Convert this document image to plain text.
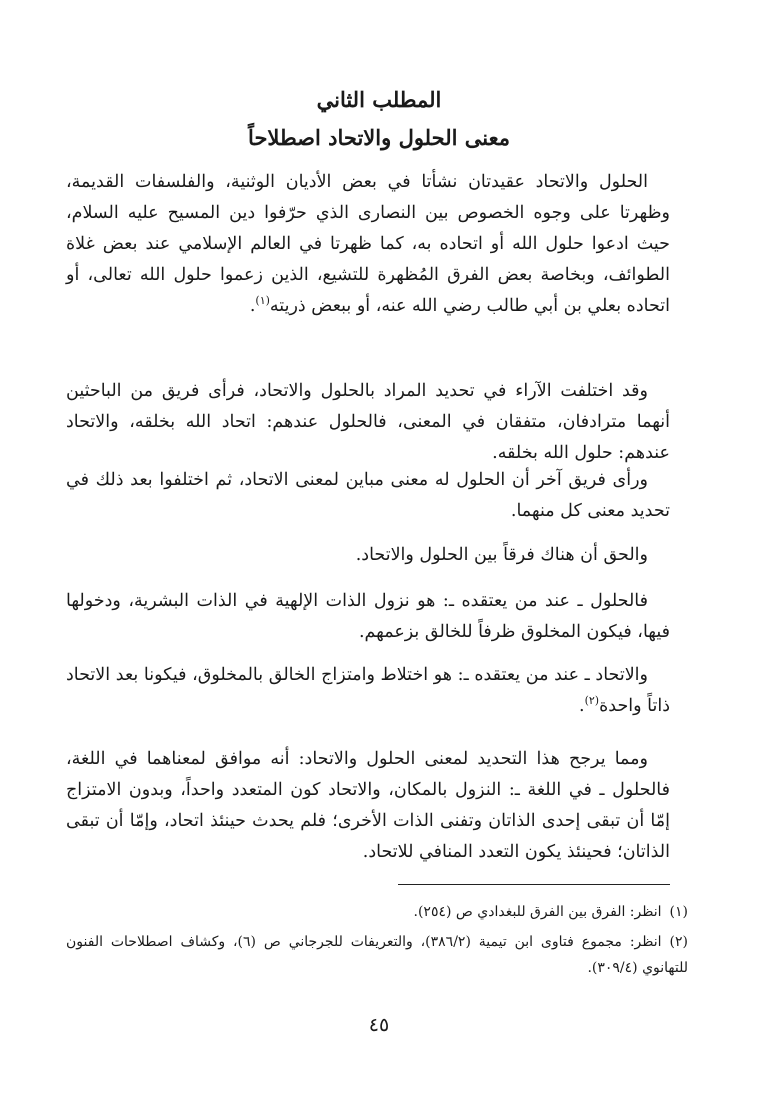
المطلب الثاني
معنى الحلول والاتحاد اصطلاحاً

الحلول والاتحاد عقيدتان نشأتا في بعض الأديان الوثنية، والفلسفات القديمة، وظهرتا على وجوه الخصوص بين النصارى الذي حرّفوا دين المسيح عليه السلام، حيث ادعوا حلول الله أو اتحاده به، كما ظهرتا في العالم الإسلامي عند بعض غلاة الطوائف، وبخاصة بعض الفرق المُظهرة للتشيع، الذين زعموا حلول الله تعالى، أو اتحاده بعلي بن أبي طالب رضي الله عنه، أو ببعض ذريته$^{(١)}$.

وقد اختلفت الآراء في تحديد المراد بالحلول والاتحاد، فرأى فريق من الباحثين أنهما مترادفان، متفقان في المعنى، فالحلول عندهم: اتحاد الله بخلقه، والاتحاد عندهم: حلول الله بخلقه.

ورأى فريق آخر أن الحلول له معنى مباين لمعنى الاتحاد، ثم اختلفوا بعد ذلك في تحديد معنى كل منهما.

والحق أن هناك فرقاً بين الحلول والاتحاد.

فالحلول ـ عند من يعتقده ـ: هو نزول الذات الإلهية في الذات البشرية، ودخولها فيها، فيكون المخلوق ظرفاً للخالق بزعمهم.

والاتحاد ـ عند من يعتقده ـ: هو اختلاط وامتزاج الخالق بالمخلوق، فيكونا بعد الاتحاد ذاتاً واحدة$^{(٢)}$.

ومما يرجح هذا التحديد لمعنى الحلول والاتحاد: أنه موافق لمعناهما في اللغة، فالحلول ـ في اللغة ـ: النزول بالمكان، والاتحاد كون المتعدد واحداً، وبدون الامتزاج إمّا أن تبقى إحدى الذاتان وتفنى الذات الأخرى؛ فلم يحدث حينئذ اتحاد، وإمّا أن تبقى الذاتان؛ فحينئذ يكون التعدد المنافي للاتحاد.

(١)انظر: الفرق بين الفرق للبغدادي ص (٢٥٤).

(٢)انظر: مجموع فتاوى ابن تيمية (٣٨٦/٢)، والتعريفات للجرجاني ص (٦)، وكشاف اصطلاحات الفنون للتهانوي (٣٠٩/٤).

٤٥
